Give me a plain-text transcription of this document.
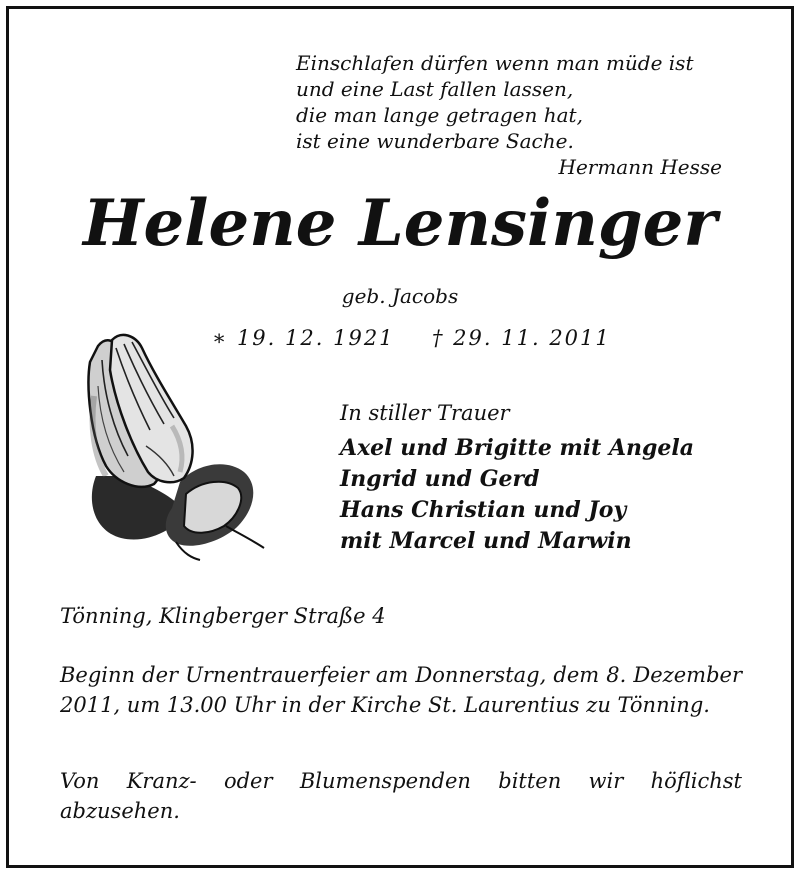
Einschlafen dürfen wenn man müde ist
und eine Last fallen lassen,
die man lange getragen hat,
ist eine wunderbare Sache.
Hermann Hesse
Helene Lensinger
geb. Jacobs
∗ 19. 12. 1921 † 29. 11. 2011
In stiller Trauer
Axel und Brigitte mit Angela
Ingrid und Gerd
Hans Christian und Joy
mit Marcel und Marwin
Tönning, Klingberger Straße 4
Beginn der Urnentrauerfeier am Donnerstag, dem 8. Dezember 2011, um 13.00 Uhr in der Kirche St. Laurentius zu Tönning.
Von Kranz- oder Blumenspenden bitten wir höflichst abzusehen.
